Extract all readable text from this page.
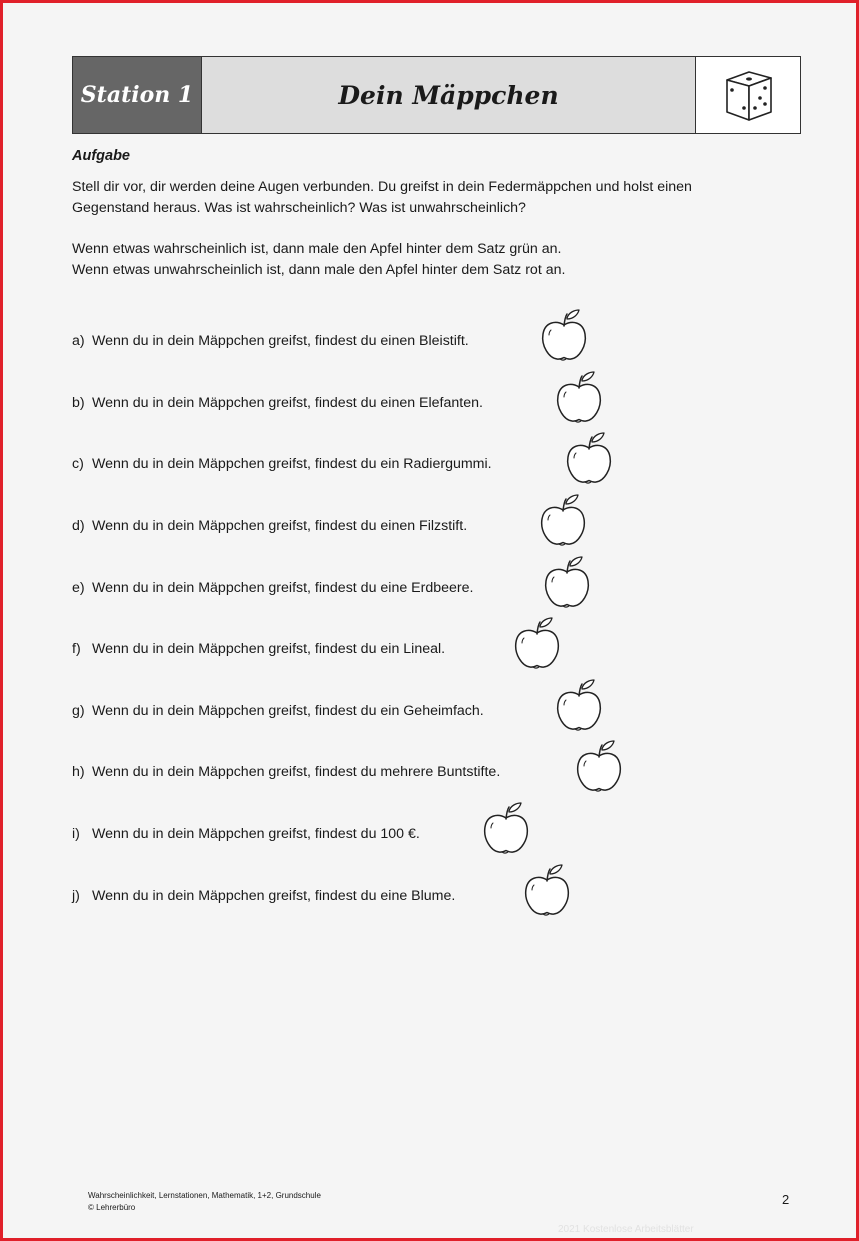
Station 1	Dein Mäppchen
Aufgabe

Stell dir vor, dir werden deine Augen verbunden. Du greifst in dein Federmäppchen und holst einen
Gegenstand heraus. Was ist wahrscheinlich? Was ist unwahrscheinlich?

Wenn etwas wahrscheinlich ist, dann male den Apfel hinter dem Satz grün an.
Wenn etwas unwahrscheinlich ist, dann male den Apfel hinter dem Satz rot an.

a) Wenn du in dein Mäppchen greifst, findest du einen Bleistift.
b) Wenn du in dein Mäppchen greifst, findest du einen Elefanten.
c) Wenn du in dein Mäppchen greifst, findest du ein Radiergummi.
d) Wenn du in dein Mäppchen greifst, findest du einen Filzstift.
e) Wenn du in dein Mäppchen greifst, findest du eine Erdbeere.
f) Wenn du in dein Mäppchen greifst, findest du ein Lineal.
g) Wenn du in dein Mäppchen greifst, findest du ein Geheimfach.
h) Wenn du in dein Mäppchen greifst, findest du mehrere Buntstifte.
i) Wenn du in dein Mäppchen greifst, findest du 100 €.
j) Wenn du in dein Mäppchen greifst, findest du eine Blume.
Wahrscheinlichkeit, Lernstationen, Mathematik, 1+2, Grundschule
© Lehrerbüro
2
2021 Kostenlose Arbeitsblätter
